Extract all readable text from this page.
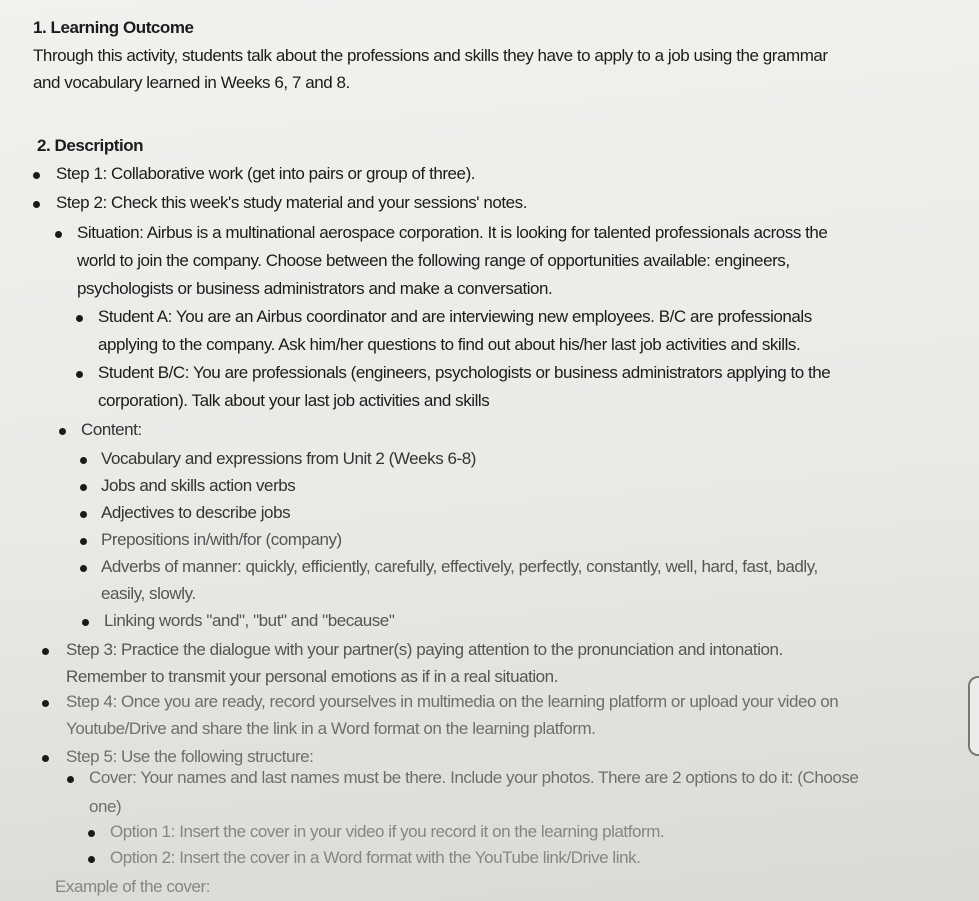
1. Learning Outcome
Through this activity, students talk about the professions and skills they have to apply to a job using the grammar
and vocabulary learned in Weeks 6, 7 and 8.
2. Description
Step 1: Collaborative work (get into pairs or group of three).
Step 2: Check this week's study material and your sessions' notes.
Situation: Airbus is a multinational aerospace corporation. It is looking for talented professionals across the
world to join the company. Choose between the following range of opportunities available: engineers,
psychologists or business administrators and make a conversation.
Student A: You are an Airbus coordinator and are interviewing new employees. B/C are professionals
applying to the company. Ask him/her questions to find out about his/her last job activities and skills.
Student B/C: You are professionals (engineers, psychologists or business administrators applying to the
corporation). Talk about your last job activities and skills
Content:
Vocabulary and expressions from Unit 2 (Weeks 6-8)
Jobs and skills action verbs
Adjectives to describe jobs
Prepositions in/with/for (company)
Adverbs of manner: quickly, efficiently, carefully, effectively, perfectly, constantly, well, hard, fast, badly,
easily, slowly.
Linking words "and", "but" and "because"
Step 3: Practice the dialogue with your partner(s) paying attention to the pronunciation and intonation.
Remember to transmit your personal emotions as if in a real situation.
Step 4: Once you are ready, record yourselves in multimedia on the learning platform or upload your video on
Youtube/Drive and share the link in a Word format on the learning platform.
Step 5: Use the following structure:
Cover: Your names and last names must be there. Include your photos. There are 2 options to do it: (Choose
one)
Option 1: Insert the cover in your video if you record it on the learning platform.
Option 2: Insert the cover in a Word format with the YouTube link/Drive link.
Example of the cover:
